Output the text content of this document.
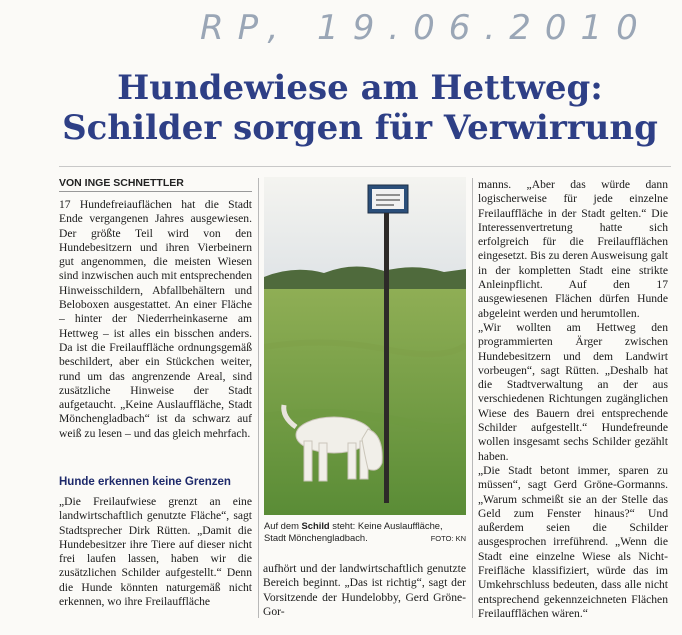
RP, 19.06.2010
Hundewiese am Hettweg:
Schilder sorgen für Verwirrung
VON INGE SCHNETTLER

17 Hundefreiauflächen hat die Stadt Ende vergangenen Jahres ausgewiesen. Der größte Teil wird von den Hundebesitzern und ihren Vierbeinern gut angenommen, die meisten Wiesen sind inzwischen auch mit entsprechenden Hinweisschildern, Abfallbehältern und Beloboxen ausgestattet. An einer Fläche – hinter der Niederrheinkaserne am Hettweg – ist alles ein bisschen anders. Da ist die Freilauffläche ordnungsgemäß beschildert, aber ein Stückchen weiter, rund um das angrenzende Areal, sind zusätzliche Hinweise der Stadt aufgetaucht. „Keine Auslauffläche, Stadt Mönchengladbach“ ist da schwarz auf weiß zu lesen – und das gleich mehrfach.

Hunde erkennen keine Grenzen

„Die Freilaufwiese grenzt an eine landwirtschaftlich genutzte Fläche“, sagt Stadtsprecher Dirk Rütten. „Damit die Hundebesitzer ihre Tiere auf dieser nicht frei laufen lassen, haben wir die zusätzlichen Schilder aufgestellt.“ Denn die Hunde könnten naturgemäß nicht erkennen, wo ihre Freilauffläche

Auf dem Schild steht: Keine Auslauffläche, Stadt Mönchengladbach.	FOTO: KN

aufhört und der landwirtschaftlich genutzte Bereich beginnt. „Das ist richtig“, sagt der Vorsitzende der Hundelobby, Gerd Gröne-Gor-

manns. „Aber das würde dann logischerweise für jede einzelne Freilauffläche in der Stadt gelten.“ Die Interessenvertretung hatte sich erfolgreich für die Freilaufflächen eingesetzt. Bis zu deren Ausweisung galt in der kompletten Stadt eine strikte Anleinpflicht. Auf den 17 ausgewiesenen Flächen dürfen Hunde abgeleint werden und herumtollen.

„Wir wollten am Hettweg den programmierten Ärger zwischen Hundebesitzern und dem Landwirt vorbeugen“, sagt Rütten. „Deshalb hat die Stadtverwaltung an der aus verschiedenen Richtungen zugänglichen Wiese des Bauern drei entsprechende Schilder aufgestellt.“ Hundefreunde wollen insgesamt sechs Schilder gezählt haben.

„Die Stadt betont immer, sparen zu müssen“, sagt Gerd Gröne-Gormanns. „Warum schmeißt sie an der Stelle das Geld zum Fenster hinaus?“ Und außerdem seien die Schilder ausgesprochen irreführend. „Wenn die Stadt eine einzelne Wiese als Nicht-Freifläche klassifiziert, würde das im Umkehrschluss bedeuten, dass alle nicht entsprechend gekennzeichneten Flächen Freilaufflächen wären.“
